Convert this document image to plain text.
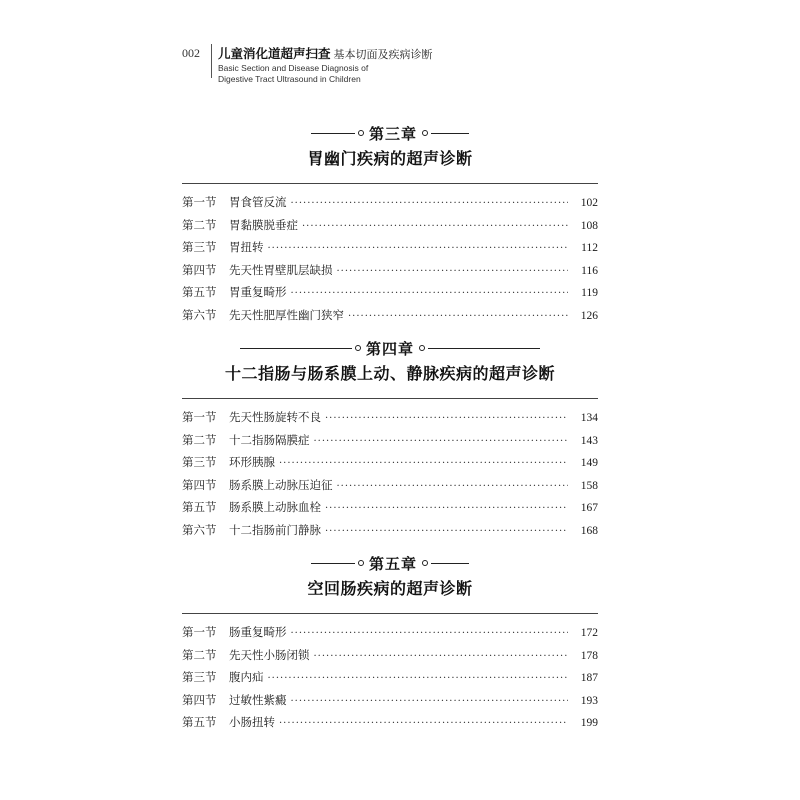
002 儿童消化道超声扫查 基本切面及疾病诊断
Basic Section and Disease Diagnosis of
Digestive Tract Ultrasound in Children
第三章
胃幽门疾病的超声诊断
第一节	胃食管反流 ·····	102
第二节	胃黏膜脱垂症 ·····	108
第三节	胃扭转 ·····	112
第四节	先天性胃壁肌层缺损 ·····	116
第五节	胃重复畸形 ·····	119
第六节	先天性肥厚性幽门狭窄 ·····	126
第四章
十二指肠与肠系膜上动、静脉疾病的超声诊断
第一节	先天性肠旋转不良 ·····	134
第二节	十二指肠隔膜症 ·····	143
第三节	环形胰腺 ·····	149
第四节	肠系膜上动脉压迫征 ·····	158
第五节	肠系膜上动脉血栓 ·····	167
第六节	十二指肠前门静脉 ·····	168
第五章
空回肠疾病的超声诊断
第一节	肠重复畸形 ·····	172
第二节	先天性小肠闭锁 ·····	178
第三节	腹内疝 ·····	187
第四节	过敏性紫癜 ·····	193
第五节	小肠扭转 ·····	199
